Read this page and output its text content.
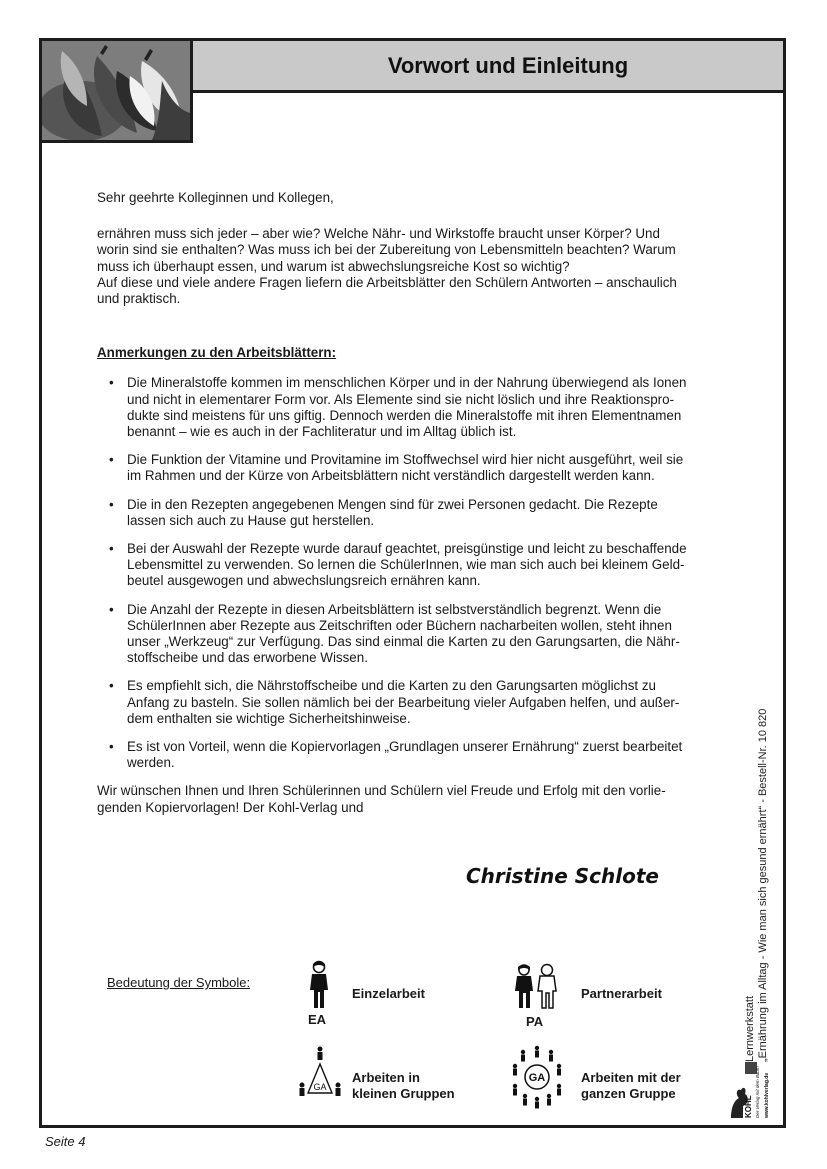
Vorwort und Einleitung

Sehr geehrte Kolleginnen und Kollegen,

ernähren muss sich jeder – aber wie? Welche Nähr- und Wirkstoffe braucht unser Körper? Und
worin sind sie enthalten? Was muss ich bei der Zubereitung von Lebensmitteln beachten? Warum
muss ich überhaupt essen, und warum ist abwechslungsreiche Kost so wichtig?
Auf diese und viele andere Fragen liefern die Arbeitsblätter den Schülern Antworten – anschaulich
und praktisch.

Anmerkungen zu den Arbeitsblättern:

• Die Mineralstoffe kommen im menschlichen Körper und in der Nahrung überwiegend als Ionen
und nicht in elementarer Form vor. Als Elemente sind sie nicht löslich und ihre Reaktionspro-
dukte sind meistens für uns giftig. Dennoch werden die Mineralstoffe mit ihren Elementnamen
benannt – wie es auch in der Fachliteratur und im Alltag üblich ist.
• Die Funktion der Vitamine und Provitamine im Stoffwechsel wird hier nicht ausgeführt, weil sie
im Rahmen und der Kürze von Arbeitsblättern nicht verständlich dargestellt werden kann.
• Die in den Rezepten angegebenen Mengen sind für zwei Personen gedacht. Die Rezepte
lassen sich auch zu Hause gut herstellen.
• Bei der Auswahl der Rezepte wurde darauf geachtet, preisgünstige und leicht zu beschaffende
Lebensmittel zu verwenden. So lernen die SchülerInnen, wie man sich auch bei kleinem Geld-
beutel ausgewogen und abwechslungsreich ernähren kann.
• Die Anzahl der Rezepte in diesen Arbeitsblättern ist selbstverständlich begrenzt. Wenn die
SchülerInnen aber Rezepte aus Zeitschriften oder Büchern nacharbeiten wollen, steht ihnen
unser „Werkzeug“ zur Verfügung. Das sind einmal die Karten zu den Garungsarten, die Nähr-
stoffscheibe und das erworbene Wissen.
• Es empfiehlt sich, die Nährstoffscheibe und die Karten zu den Garungsarten möglichst zu
Anfang zu basteln. Sie sollen nämlich bei der Bearbeitung vieler Aufgaben helfen, und außer-
dem enthalten sie wichtige Sicherheitshinweise.
• Es ist von Vorteil, wenn die Kopiervorlagen „Grundlagen unserer Ernährung“ zuerst bearbeitet
werden.

Wir wünschen Ihnen und Ihren Schülerinnen und Schülern viel Freude und Erfolg mit den vorlie-
genden Kopiervorlagen! Der Kohl-Verlag und

Christine Schlote
Bedeutung der Symbole:
EA
Einzelarbeit
PA
Partnerarbeit
GA
Arbeiten in
kleinen Gruppen
GA	Arbeiten mit der
ganzen Gruppe
Lernwerkstatt
„Ernährung im Alltag - Wie man sich gesund ernährt“ - Bestell-Nr. 10 820
KOHL Der Verlag mit dem Baum www.kohlverlag.de
Seite 4
